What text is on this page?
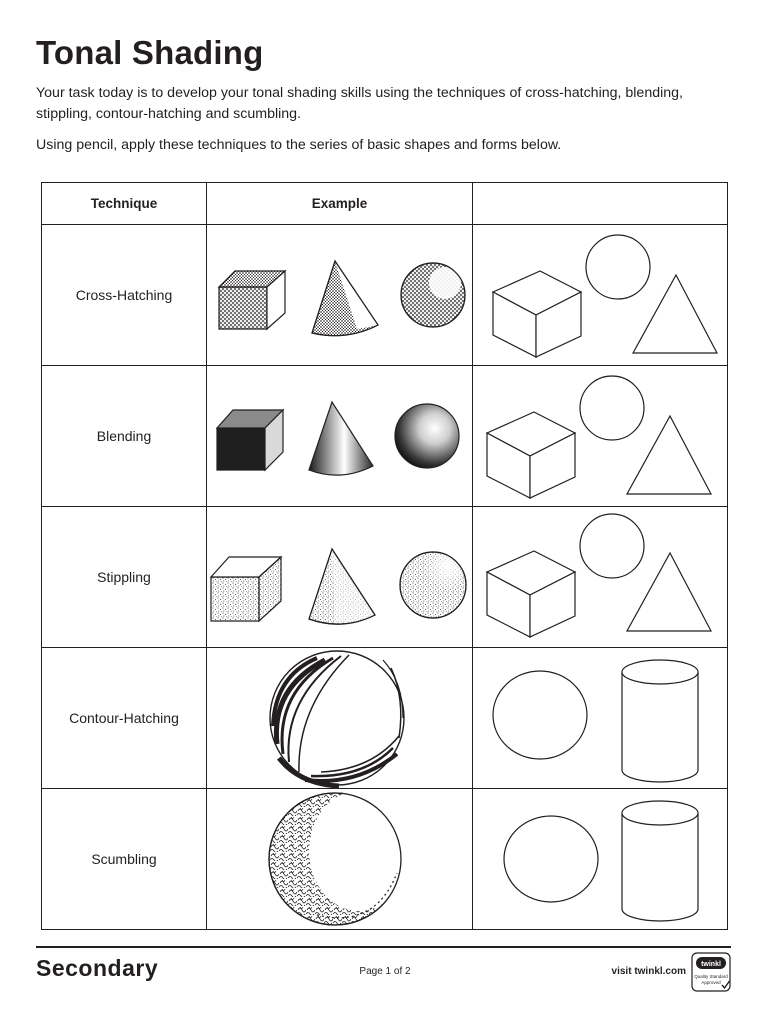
Tonal Shading

Your task today is to develop your tonal shading skills using the techniques of cross-hatching, blending, stippling, contour-hatching and scumbling.

Using pencil, apply these techniques to the series of basic shapes and forms below.

Technique	Example	
Cross-Hatching	

Blending	

Stippling	

Contour-Hatching	

Scumbling	

Secondary	Page 1 of 2	visit twinkl.com

twinkl
Quality Standard
Approved
